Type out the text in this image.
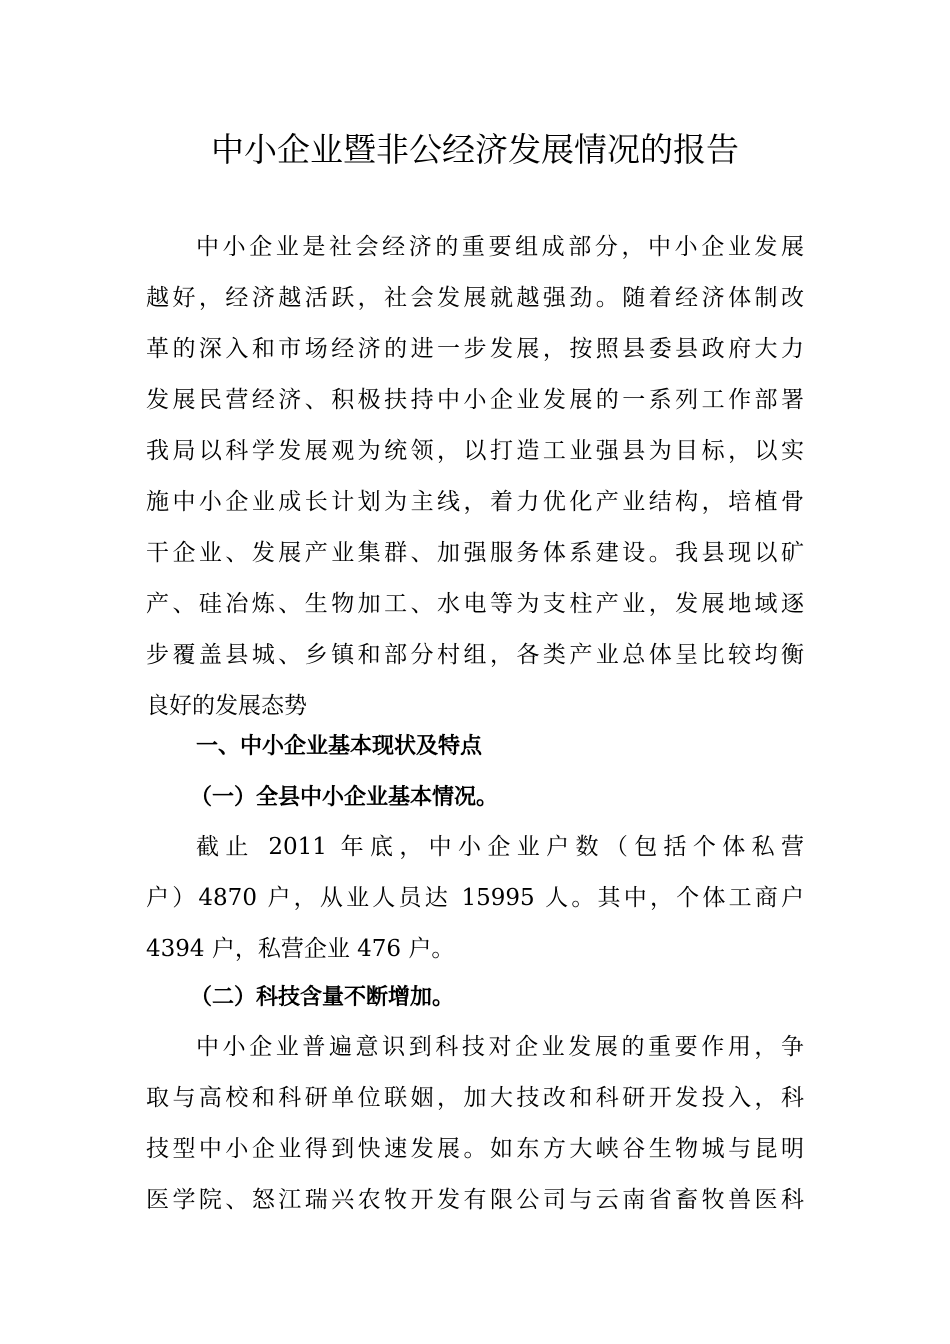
中小企业暨非公经济发展情况的报告
中小企业是社会经济的重要组成部分，中小企业发展
越好，经济越活跃，社会发展就越强劲。随着经济体制改
革的深入和市场经济的进一步发展，按照县委县政府大力
发展民营经济、积极扶持中小企业发展的一系列工作部署
我局以科学发展观为统领，以打造工业强县为目标，以实
施中小企业成长计划为主线，着力优化产业结构，培植骨
干企业、发展产业集群、加强服务体系建设。我县现以矿
产、硅冶炼、生物加工、水电等为支柱产业，发展地域逐
步覆盖县城、乡镇和部分村组，各类产业总体呈比较均衡
良好的发展态势
一、中小企业基本现状及特点
（一）全县中小企业基本情况。
截止 2011 年底，中小企业户数（包括个体私营
户）4870 户，从业人员达 15995 人。其中，个体工商户
4394 户，私营企业 476 户。
（二）科技含量不断增加。
中小企业普遍意识到科技对企业发展的重要作用，争
取与高校和科研单位联姻，加大技改和科研开发投入，科
技型中小企业得到快速发展。如东方大峡谷生物城与昆明
医学院、怒江瑞兴农牧开发有限公司与云南省畜牧兽医科
